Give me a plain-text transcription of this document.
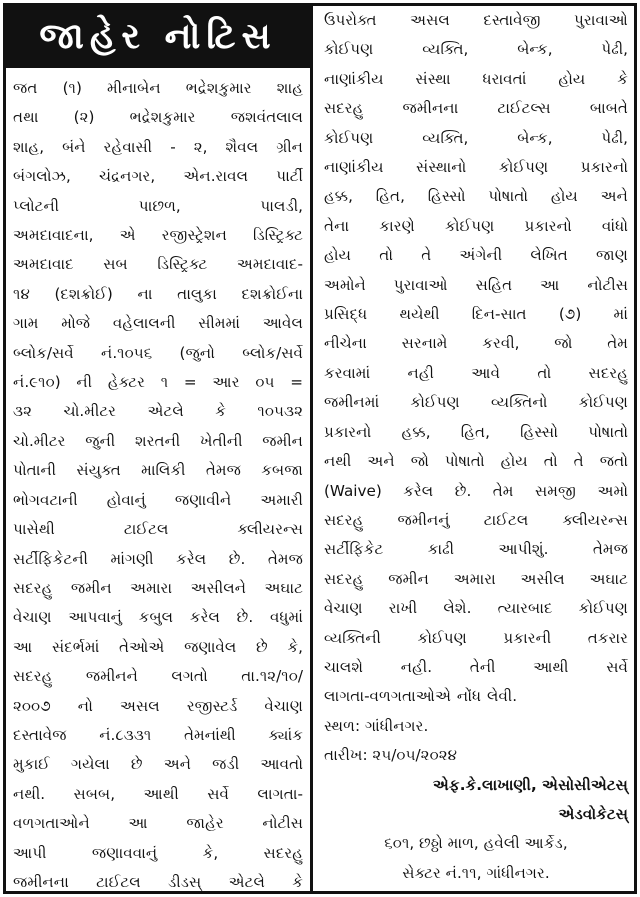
જાહેર નોટિસ
જત (૧) મીનાબેન ભદ્રેશકુમાર શાહ
તથા (૨) ભદ્રેશકુમાર જશવંતલાલ
શાહ, બંને રહેવાસી - ૨, શૈવલ ગ્રીન
બંગલોઝ, ચંદ્રનગર, એન.રાવલ પાર્ટી
પ્લોટની પાછળ, પાલડી,
અમદાવાદના, એ રજીસ્ટ્રેશન ડિસ્ટ્રિક્ટ
અમદાવાદ સબ ડિસ્ટ્રિક્ટ અમદાવાદ-
૧૪ (દશક્રોઈ) ના તાલુકા દશક્રોઈના
ગામ મોજે વહેલાલની સીમમાં આવેલ
બ્લોક/સર્વે નં.૧૦૫૬ (જુનો બ્લોક/સર્વે
નં.૯૧૦) ની હેક્ટર ૧ = આર ૦૫ =
૩૨ ચો.મીટર એટલે કે ૧૦૫૩૨
ચો.મીટર જુની શરતની ખેતીની જમીન
પોતાની સંયુક્ત માલિકી તેમજ કબજા
ભોગવટાની હોવાનું જણાવીને અમારી
પાસેથી ટાઈટલ ક્લીયરન્સ
સર્ટીફિકેટની માંગણી કરેલ છે. તેમજ
સદરહુ જમીન અમારા અસીલને અઘાટ
વેચાણ આપવાનું કબુલ કરેલ છે. વધુમાં
આ સંદર્ભમાં તેઓએ જણાવેલ છે કે,
સદરહુ જમીનને લગતો તા.૧૨/૧૦/
૨૦૦૭ નો અસલ રજીસ્ટર્ડ વેચાણ
દસ્તાવેજ નં.૮૩૩૧ તેમનાંથી ક્યાંક
મુકાઈ ગયેલા છે અને જડી આવતો
નથી. સબબ, આથી સર્વે લાગતા-
વળગતાઓને આ જાહેર નોટીસ
આપી જણાવવાનું કે, સદરહુ
જમીનના ટાઈટલ ડીડસ્ એટલે કે
ઉપરોક્ત અસલ દસ્તાવેજી પુરાવાઓ
કોઈપણ વ્યક્તિ, બેન્ક, પેઢી,
નાણાંકીય સંસ્થા ધરાવતાં હોય કે
સદરહુ જમીનના ટાઈટલ્સ બાબતે
કોઈપણ વ્યક્તિ, બેન્ક, પેઢી,
નાણાંકીય સંસ્થાનો કોઈપણ પ્રકારનો
હક્ક, હિત, હિસ્સો પોષાતો હોય અને
તેના કારણે કોઈપણ પ્રકારનો વાંધો
હોય તો તે અંગેની લેખિત જાણ
અમોને પુરાવાઓ સહિત આ નોટીસ
પ્રસિદ્ધ થયેથી દિન-સાત (૭) માં
નીચેના સરનામે કરવી, જો તેમ
કરવામાં નહી આવે તો સદરહુ
જમીનમાં કોઈપણ વ્યક્તિનો કોઈપણ
પ્રકારનો હક્ક, હિત, હિસ્સો પોષાતો
નથી અને જો પોષાતો હોય તો તે જતો
(Waive) કરેલ છે. તેમ સમજી અમો
સદરહુ જમીનનું ટાઈટલ ક્લીયરન્સ
સર્ટીફિકેટ કાઢી આપીશું. તેમજ
સદરહુ જમીન અમારા અસીલ અઘાટ
વેચાણ રાખી લેશે. ત્યારબાદ કોઈપણ
વ્યક્તિની કોઈપણ પ્રકારની તકરાર
ચાલશે નહી. તેની આથી સર્વે
લાગતા-વળગતાઓએ નોંધ લેવી.
સ્થળ: ગાંધીનગર.
તારીખ: ૨૫/૦૫/૨૦૨૪
એફ.કે.લાખાણી, એસોસીએટસ્
એડવોકેટસ્
૬૦૧, છઠ્ઠો માળ, હવેલી આર્કેડ,
સેક્ટર નં.૧૧, ગાંધીનગર.
